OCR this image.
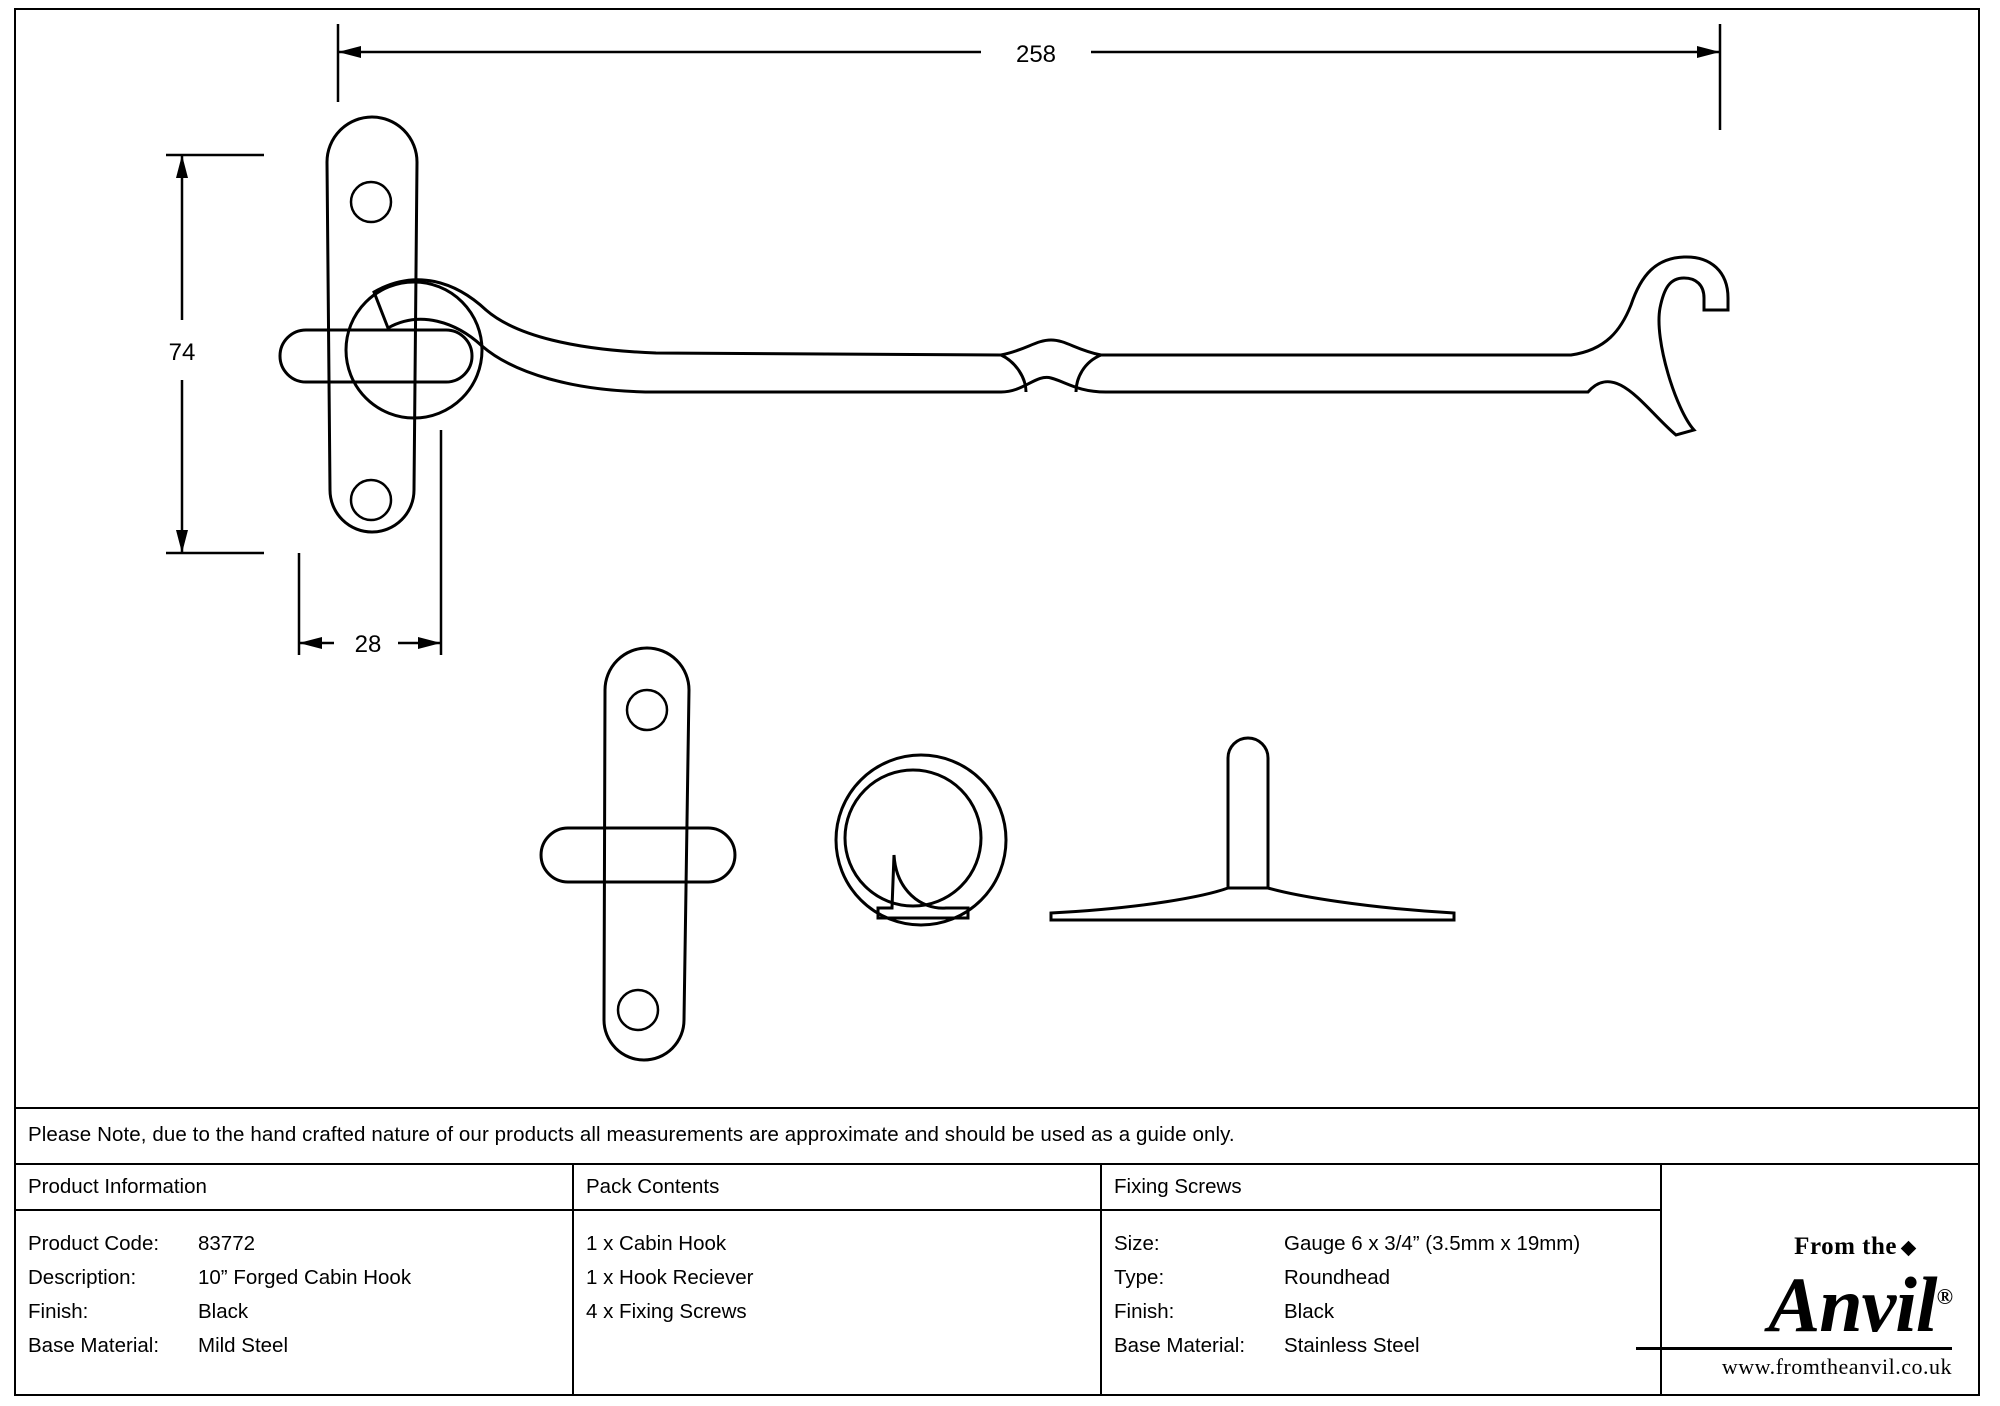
258
74
28
Please Note, due to the hand crafted nature of our products all measurements are approximate and should be used as a guide only.
Product Information
Product Code:	83772
Description:	10” Forged Cabin Hook
Finish:	Black
Base Material:	Mild Steel
Pack Contents
1 x Cabin Hook
1 x Hook Reciever
4 x Fixing Screws
Fixing Screws
Size:	Gauge 6 x 3/4” (3.5mm x 19mm)
Type:	Roundhead
Finish:	Black
Base Material:	Stainless Steel
From the
Anvil®
www.fromtheanvil.co.uk
